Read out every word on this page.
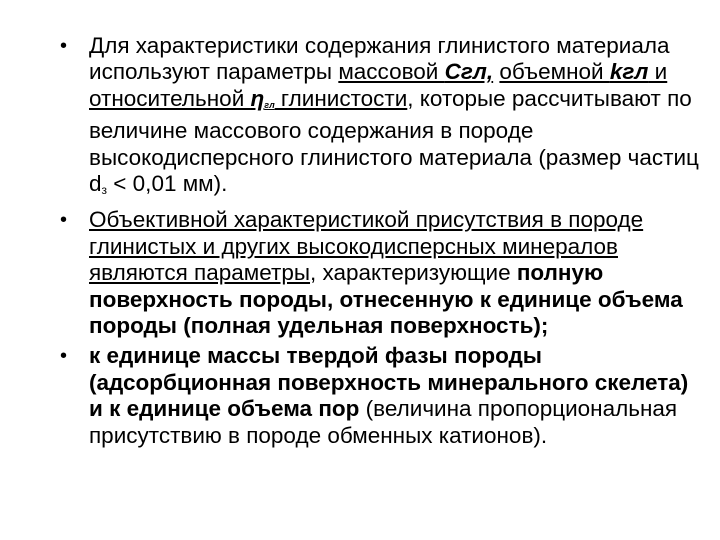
• Для характеристики содержания глинистого материала используют параметры массовой Сгл, объемной kгл и относительной $\eta_{гл}$ глинистости, которые рассчитывают по величине массового содержания в породе высокодисперсного глинистого материала (размер частиц dз < 0,01 мм).
• Объективной характеристикой присутствия в породе глинистых и других высокодисперсных минералов являются параметры, характеризующие полную поверхность породы, отнесенную к единице объема породы (полная удельная поверхность);
• к единице массы твердой фазы породы (адсорбционная поверхность минерального скелета) и к единице объема пор (величина пропорциональная присутствию в породе обменных катионов).
